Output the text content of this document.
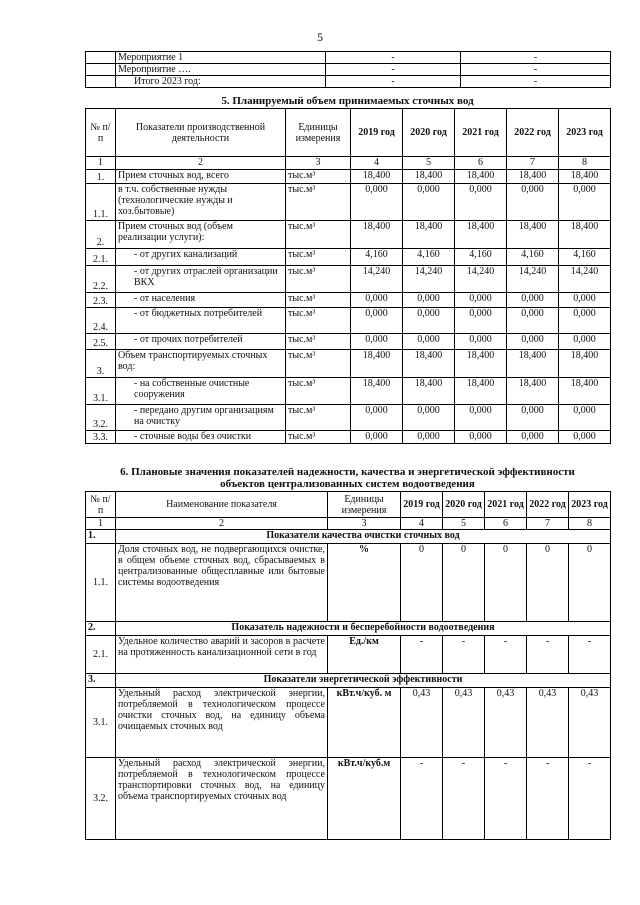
5
	Мероприятие 1	-	-
	Мероприятие ….	-	-
	Итого 2023 год:	-	-
5. Планируемый объем принимаемых сточных вод
№ п/п	Показатели производственной деятельности	Единицы измерения	2019 год	2020 год	2021 год	2022 год	2023 год
1	2	3	4	5	6	7	8
1.	Прием сточных вод, всего	тыс.м³	18,400	18,400	18,400	18,400	18,400
1.1.	в т.ч. собственные нужды (технологические нужды и хоз.бытовые)	тыс.м³	0,000	0,000	0,000	0,000	0,000
2.	Прием сточных вод (объем реализации услуги):	тыс.м³	18,400	18,400	18,400	18,400	18,400
2.1.	- от других канализаций	тыс.м³	4,160	4,160	4,160	4,160	4,160
2.2.	- от других отраслей организации ВКХ	тыс.м³	14,240	14,240	14,240	14,240	14,240
2.3.	- от населения	тыс.м³	0,000	0,000	0,000	0,000	0,000
2.4.	- от бюджетных потребителей	тыс.м³	0,000	0,000	0,000	0,000	0,000
2.5.	- от прочих потребителей	тыс.м³	0,000	0,000	0,000	0,000	0,000
3.	Объем транспортируемых сточных вод:	тыс.м³	18,400	18,400	18,400	18,400	18,400
3.1.	- на собственные очистные сооружения	тыс.м³	18,400	18,400	18,400	18,400	18,400
3.2.	- передано другим организациям на очистку	тыс.м³	0,000	0,000	0,000	0,000	0,000
3.3.	- сточные воды без очистки	тыс.м³	0,000	0,000	0,000	0,000	0,000
6. Плановые значения показателей надежности, качества и энергетической эффективности
объектов централизованных систем водоотведения
№ п/п	Наименование показателя	Единицы измерения	2019 год	2020 год	2021 год	2022 год	2023 год
1	2	3	4	5	6	7	8
1.	Показатели качества очистки сточных вод						
1.1.	Доля сточных вод, не подвергающихся очистке, в общем объеме сточных вод, сбрасываемых в централизованные общесплавные или бытовые системы водоотведения	%	0	0	0	0	0
2.	Показатель надежности и бесперебойности водоотведения						
2.1.	Удельное количество аварий и засоров в расчете на протяженность канализационной сети в год	Ед./км	-	-	-	-	-
3.	Показатели энергетической эффективности						
3.1.	Удельный расход электрической энергии, потребляемой в технологическом процессе очистки сточных вод, на единицу объема очищаемых сточных вод	кВт.ч/куб. м	0,43	0,43	0,43	0,43	0,43
3.2.	Удельный расход электрической энергии, потребляемой в технологическом процессе транспортировки сточных вод, на единицу объема транспортируемых сточных вод	кВт.ч/куб.м	-	-	-	-	-
